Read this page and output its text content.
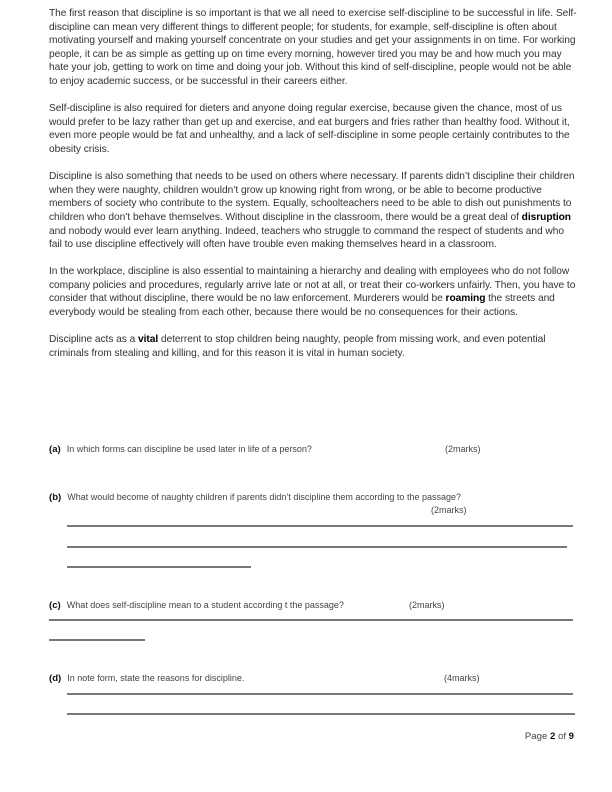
The first reason that discipline is so important is that we all need to exercise self-discipline to be successful in life. Self-discipline can mean very different things to different people; for students, for example, self-discipline is often about motivating yourself and making yourself concentrate on your studies and get your assignments in on time. For working people, it can be as simple as getting up on time every morning, however tired you may be and how much you may hate your job, getting to work on time and doing your job. Without this kind of self-discipline, people would not be able to enjoy academic success, or be successful in their careers either.

Self-discipline is also required for dieters and anyone doing regular exercise, because given the chance, most of us would prefer to be lazy rather than get up and exercise, and eat burgers and fries rather than healthy food. Without it, even more people would be fat and unhealthy, and a lack of self-discipline in some people certainly contributes to the obesity crisis.

Discipline is also something that needs to be used on others where necessary. If parents didn’t discipline their children when they were naughty, children wouldn’t grow up knowing right from wrong, or be able to become productive members of society who contribute to the system. Equally, schoolteachers need to be able to dish out punishments to children who don’t behave themselves. Without discipline in the classroom, there would be a great deal of disruption and nobody would ever learn anything. Indeed, teachers who struggle to command the respect of students and who fail to use discipline effectively will often have trouble even making themselves heard in a classroom.

In the workplace, discipline is also essential to maintaining a hierarchy and dealing with employees who do not follow company policies and procedures, regularly arrive late or not at all, or treat their co-workers unfairly. Then, you have to consider that without discipline, there would be no law enforcement. Murderers would be roaming the streets and everybody would be stealing from each other, because there would be no consequences for their actions.

Discipline acts as a vital deterrent to stop children being naughty, people from missing work, and even potential criminals from stealing and killing, and for this reason it is vital in human society.

(a) In which forms can discipline be used later in life of a person?	(2marks)
(b) What would become of naughty children if parents didn’t discipline them according to the passage?
(2marks)
(c) What does self-discipline mean to a student according t the passage?	(2marks)
(d) In note form, state the reasons for discipline.	(4marks)
Page 2 of 9
